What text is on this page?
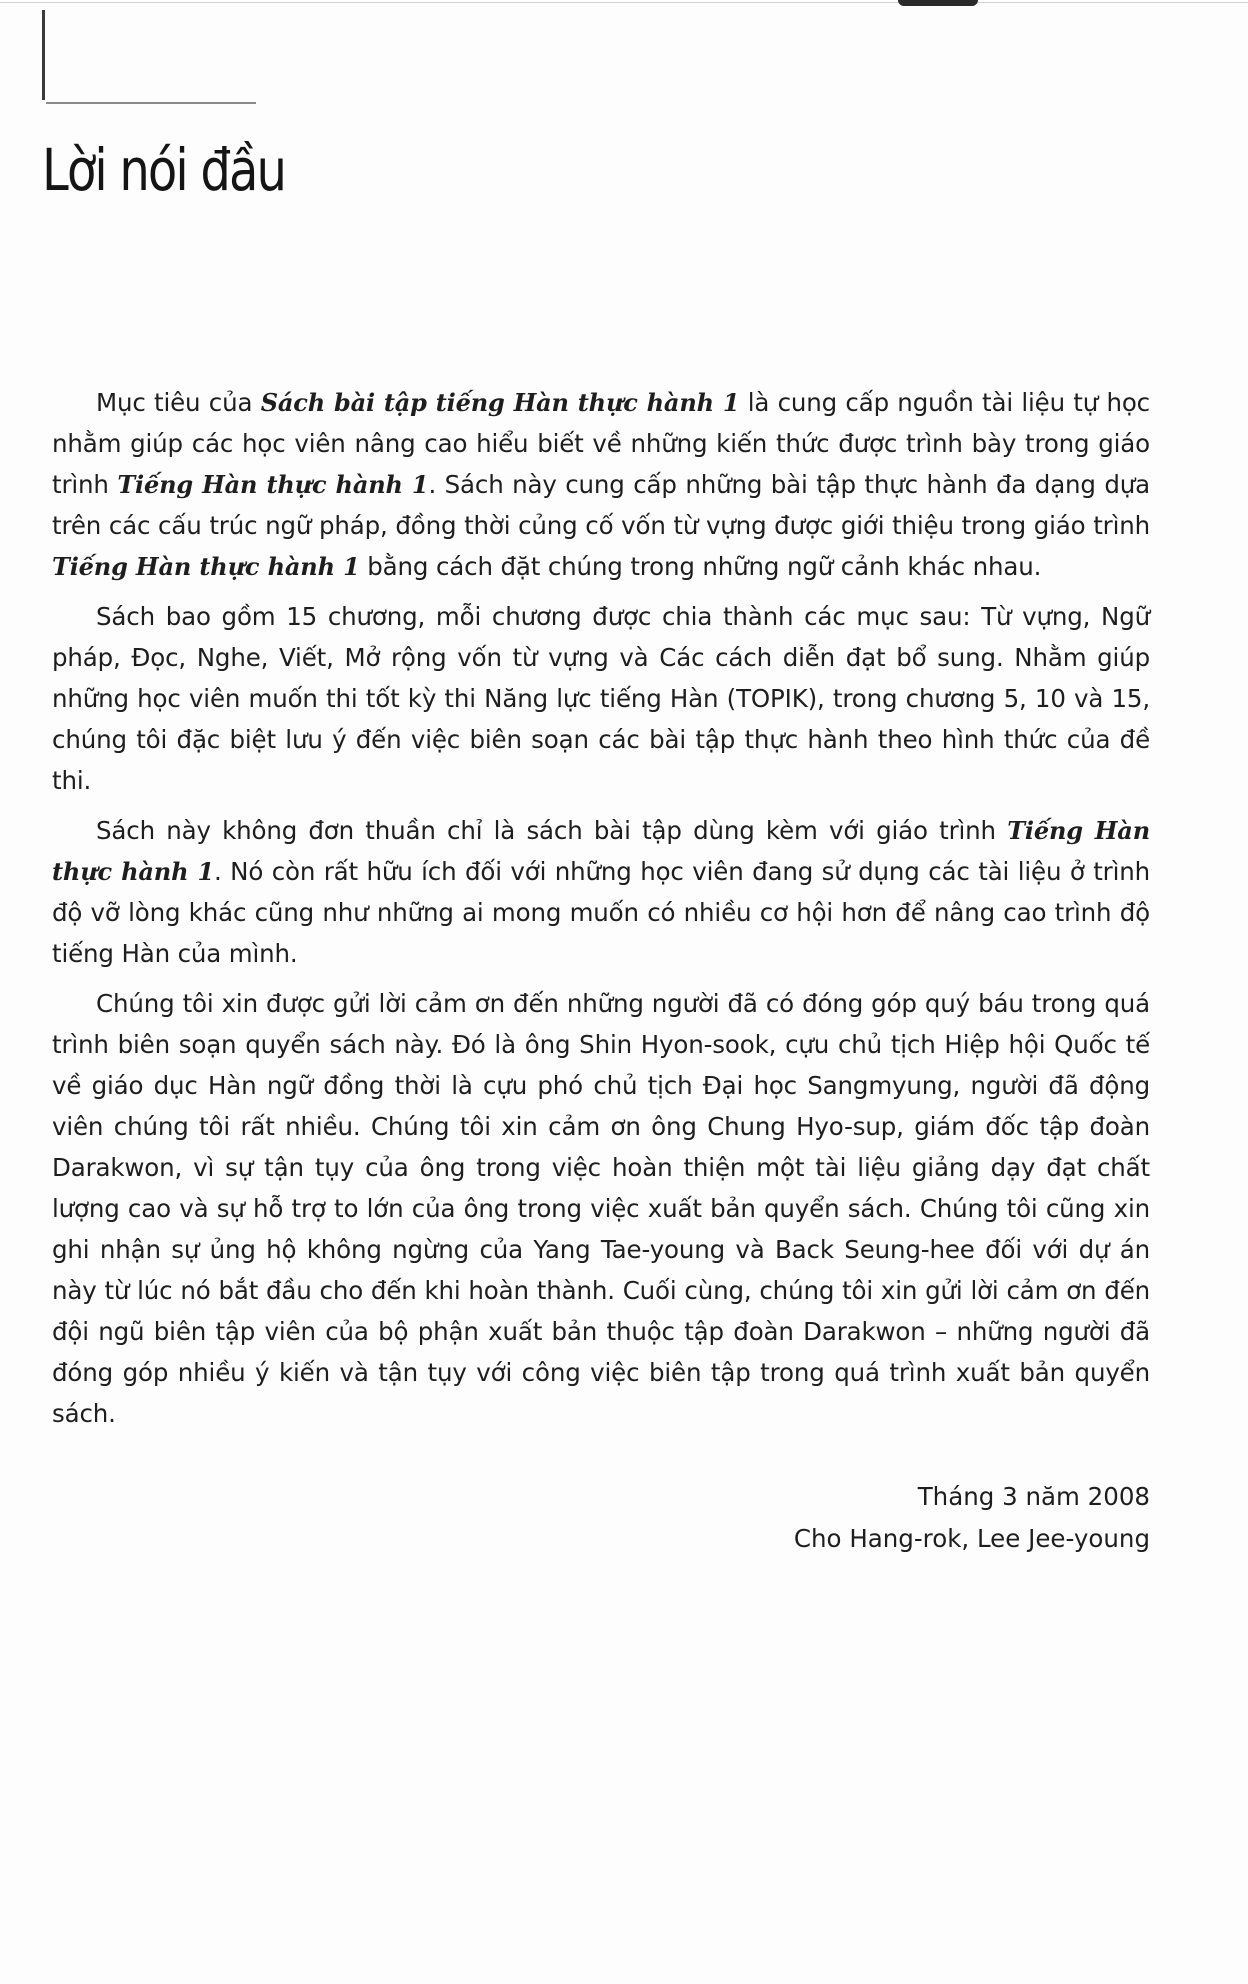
Lời nói đầu

Mục tiêu của Sách bài tập tiếng Hàn thực hành 1 là cung cấp nguồn tài liệu tự học nhằm giúp các học viên nâng cao hiểu biết về những kiến thức được trình bày trong giáo trình Tiếng Hàn thực hành 1. Sách này cung cấp những bài tập thực hành đa dạng dựa trên các cấu trúc ngữ pháp, đồng thời củng cố vốn từ vựng được giới thiệu trong giáo trình Tiếng Hàn thực hành 1 bằng cách đặt chúng trong những ngữ cảnh khác nhau.

Sách bao gồm 15 chương, mỗi chương được chia thành các mục sau: Từ vựng, Ngữ pháp, Đọc, Nghe, Viết, Mở rộng vốn từ vựng và Các cách diễn đạt bổ sung. Nhằm giúp những học viên muốn thi tốt kỳ thi Năng lực tiếng Hàn (TOPIK), trong chương 5, 10 và 15, chúng tôi đặc biệt lưu ý đến việc biên soạn các bài tập thực hành theo hình thức của đề thi.

Sách này không đơn thuần chỉ là sách bài tập dùng kèm với giáo trình Tiếng Hàn thực hành 1. Nó còn rất hữu ích đối với những học viên đang sử dụng các tài liệu ở trình độ vỡ lòng khác cũng như những ai mong muốn có nhiều cơ hội hơn để nâng cao trình độ tiếng Hàn của mình.

Chúng tôi xin được gửi lời cảm ơn đến những người đã có đóng góp quý báu trong quá trình biên soạn quyển sách này. Đó là ông Shin Hyon-sook, cựu chủ tịch Hiệp hội Quốc tế về giáo dục Hàn ngữ đồng thời là cựu phó chủ tịch Đại học Sangmyung, người đã động viên chúng tôi rất nhiều. Chúng tôi xin cảm ơn ông Chung Hyo-sup, giám đốc tập đoàn Darakwon, vì sự tận tụy của ông trong việc hoàn thiện một tài liệu giảng dạy đạt chất lượng cao và sự hỗ trợ to lớn của ông trong việc xuất bản quyển sách. Chúng tôi cũng xin ghi nhận sự ủng hộ không ngừng của Yang Tae-young và Back Seung-hee đối với dự án này từ lúc nó bắt đầu cho đến khi hoàn thành. Cuối cùng, chúng tôi xin gửi lời cảm ơn đến đội ngũ biên tập viên của bộ phận xuất bản thuộc tập đoàn Darakwon – những người đã đóng góp nhiều ý kiến và tận tụy với công việc biên tập trong quá trình xuất bản quyển sách.

Tháng 3 năm 2008
Cho Hang-rok, Lee Jee-young
